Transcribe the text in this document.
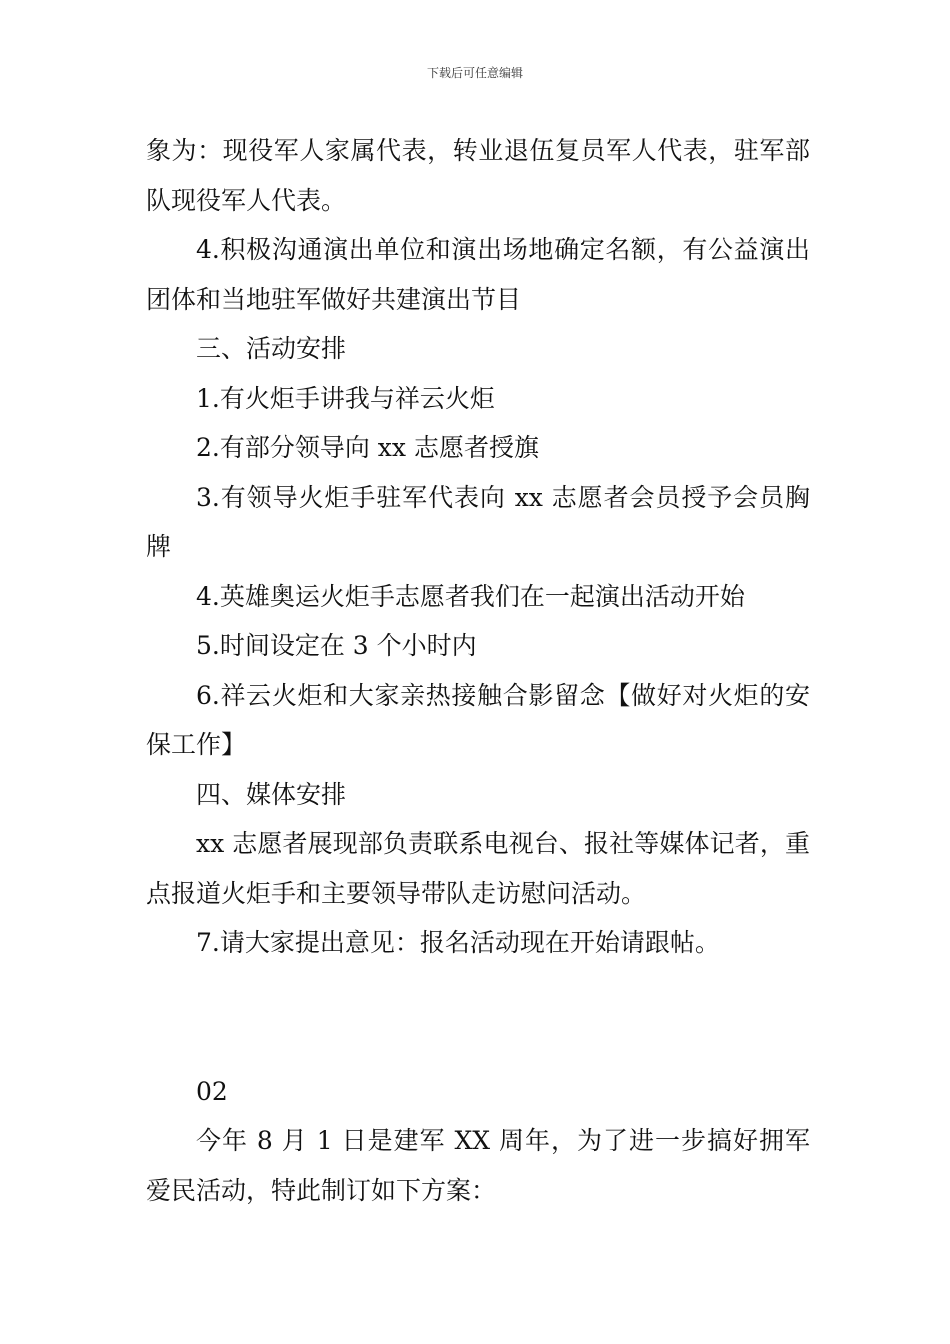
下载后可任意编辑

象为：现役军人家属代表，转业退伍复员军人代表，驻军部队现役军人代表。

4.积极沟通演出单位和演出场地确定名额，有公益演出团体和当地驻军做好共建演出节目

三、活动安排

1.有火炬手讲我与祥云火炬

2.有部分领导向 xx 志愿者授旗

3.有领导火炬手驻军代表向 xx 志愿者会员授予会员胸牌

4.英雄奥运火炬手志愿者我们在一起演出活动开始

5.时间设定在 3 个小时内

6.祥云火炬和大家亲热接触合影留念【做好对火炬的安保工作】

四、媒体安排

xx 志愿者展现部负责联系电视台、报社等媒体记者，重点报道火炬手和主要领导带队走访慰问活动。

7.请大家提出意见：报名活动现在开始请跟帖。

02

今年 8 月 1 日是建军 XX 周年，为了进一步搞好拥军爱民活动，特此制订如下方案：
